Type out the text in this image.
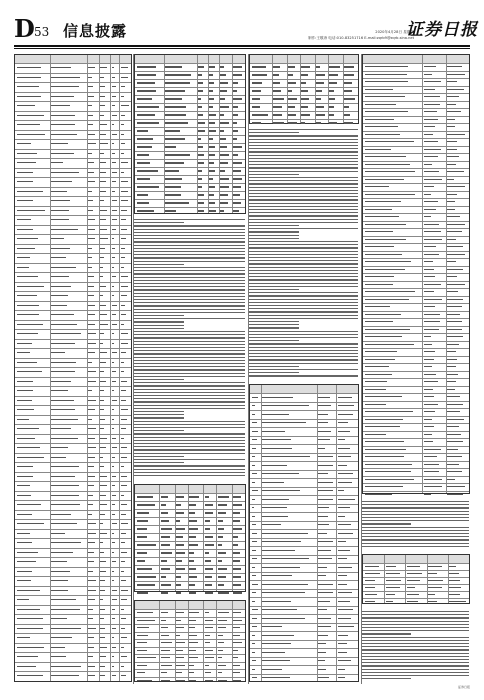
D 53 信息披露	2020年4月28日 星期四
制作:王敬涛 电话:010-83251716 E-mail:zqrb9@zqrb.sina.net
证券日报
证券日报
